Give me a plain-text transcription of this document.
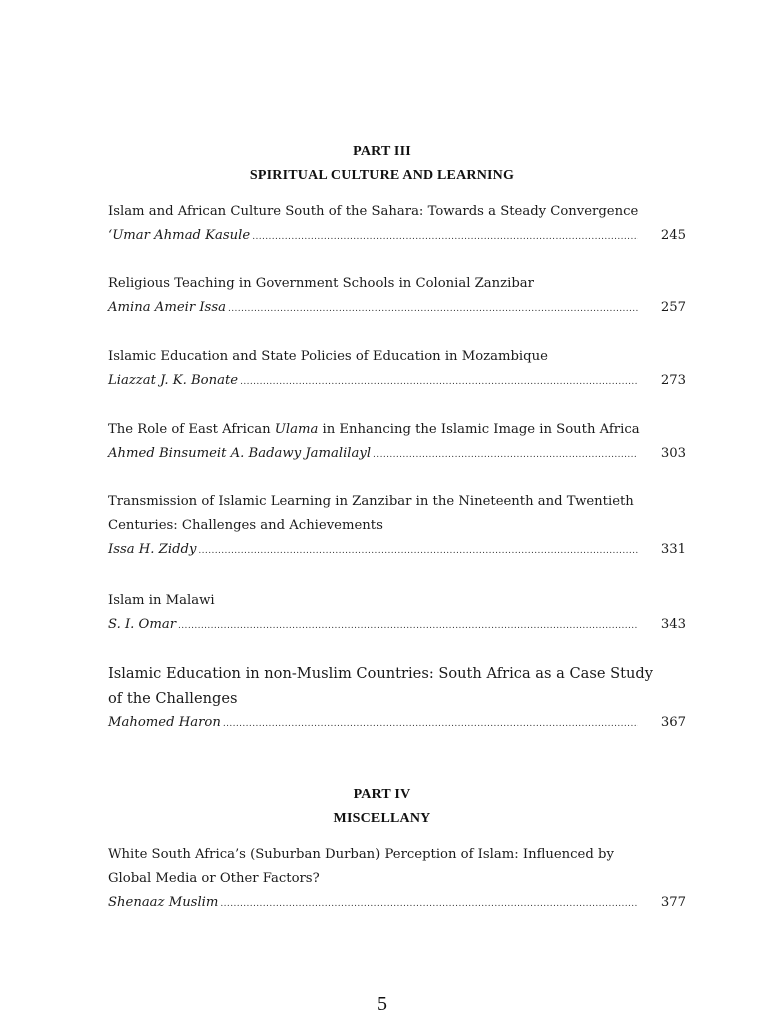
PART III
SPIRITUAL CULTURE AND LEARNING
Islam and African Culture South of the Sahara: Towards a Steady Convergence
‘Umar Ahmad Kasule .....	245
Religious Teaching in Government Schools in Colonial Zanzibar
Amina Ameir Issa .....	257
Islamic Education and State Policies of Education in Mozambique
Liazzat J. K. Bonate .....	273
The Role of East African Ulama in Enhancing the Islamic Image in South Africa
Ahmed Binsumeit A. Badawy Jamalilayl .....	303
Transmission of Islamic Learning in Zanzibar in the Nineteenth and Twentieth
Centuries: Challenges and Achievements
Issa H. Ziddy .....	331
Islam in Malawi
S. I. Omar .....	343
Islamic Education in non-Muslim Countries: South Africa as a Case Study
of the Challenges
Mahomed Haron .....	367
PART IV
MISCELLANY
White South Africa’s (Suburban Durban) Perception of Islam: Influenced by
Global Media or Other Factors?
Shenaaz Muslim .....	377
5
